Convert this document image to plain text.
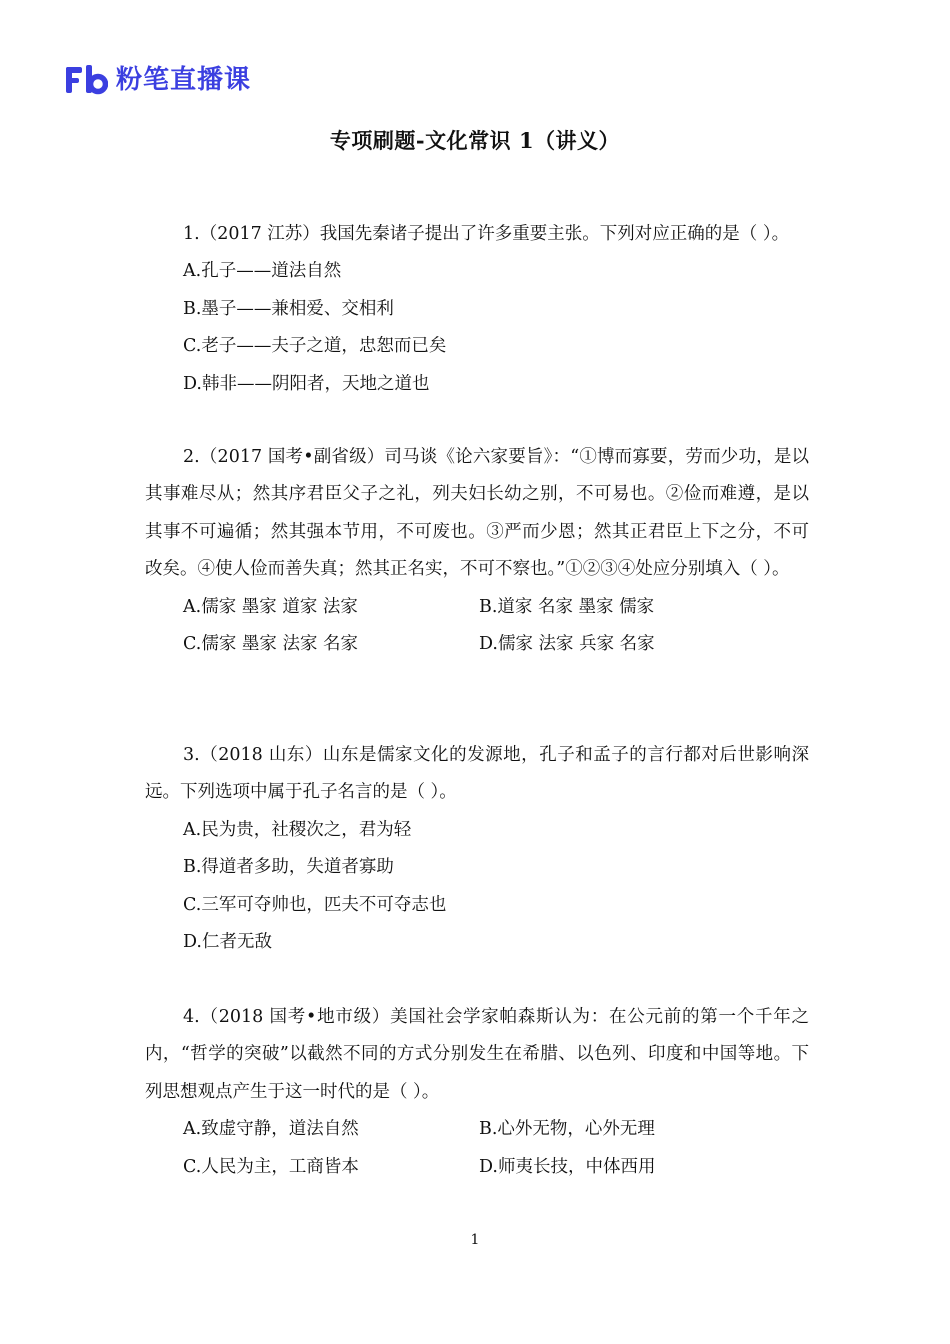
粉笔直播课
专项刷题-文化常识 1（讲义）
1.（2017 江苏）我国先秦诸子提出了许多重要主张。下列对应正确的是（ ）。
A.孔子——道法自然
B.墨子——兼相爱、交相利
C.老子——夫子之道，忠恕而已矣
D.韩非——阴阳者，天地之道也
2.（2017 国考•副省级）司马谈《论六家要旨》：“①博而寡要，劳而少功，是以其事难尽从；然其序君臣父子之礼，列夫妇长幼之别，不可易也。②俭而难遵，是以其事不可遍循；然其强本节用，不可废也。③严而少恩；然其正君臣上下之分，不可改矣。④使人俭而善失真；然其正名实，不可不察也。”①②③④处应分别填入（ ）。
A.儒家 墨家 道家 法家	B.道家 名家 墨家 儒家
C.儒家 墨家 法家 名家	D.儒家 法家 兵家 名家
3.（2018 山东）山东是儒家文化的发源地，孔子和孟子的言行都对后世影响深远。下列选项中属于孔子名言的是（ ）。
A.民为贵，社稷次之，君为轻
B.得道者多助，失道者寡助
C.三军可夺帅也，匹夫不可夺志也
D.仁者无敌
4.（2018 国考•地市级）美国社会学家帕森斯认为：在公元前的第一个千年之内，“哲学的突破”以截然不同的方式分别发生在希腊、以色列、印度和中国等地。下列思想观点产生于这一时代的是（ ）。
A.致虚守静，道法自然	B.心外无物，心外无理
C.人民为主，工商皆本	D.师夷长技，中体西用
1
